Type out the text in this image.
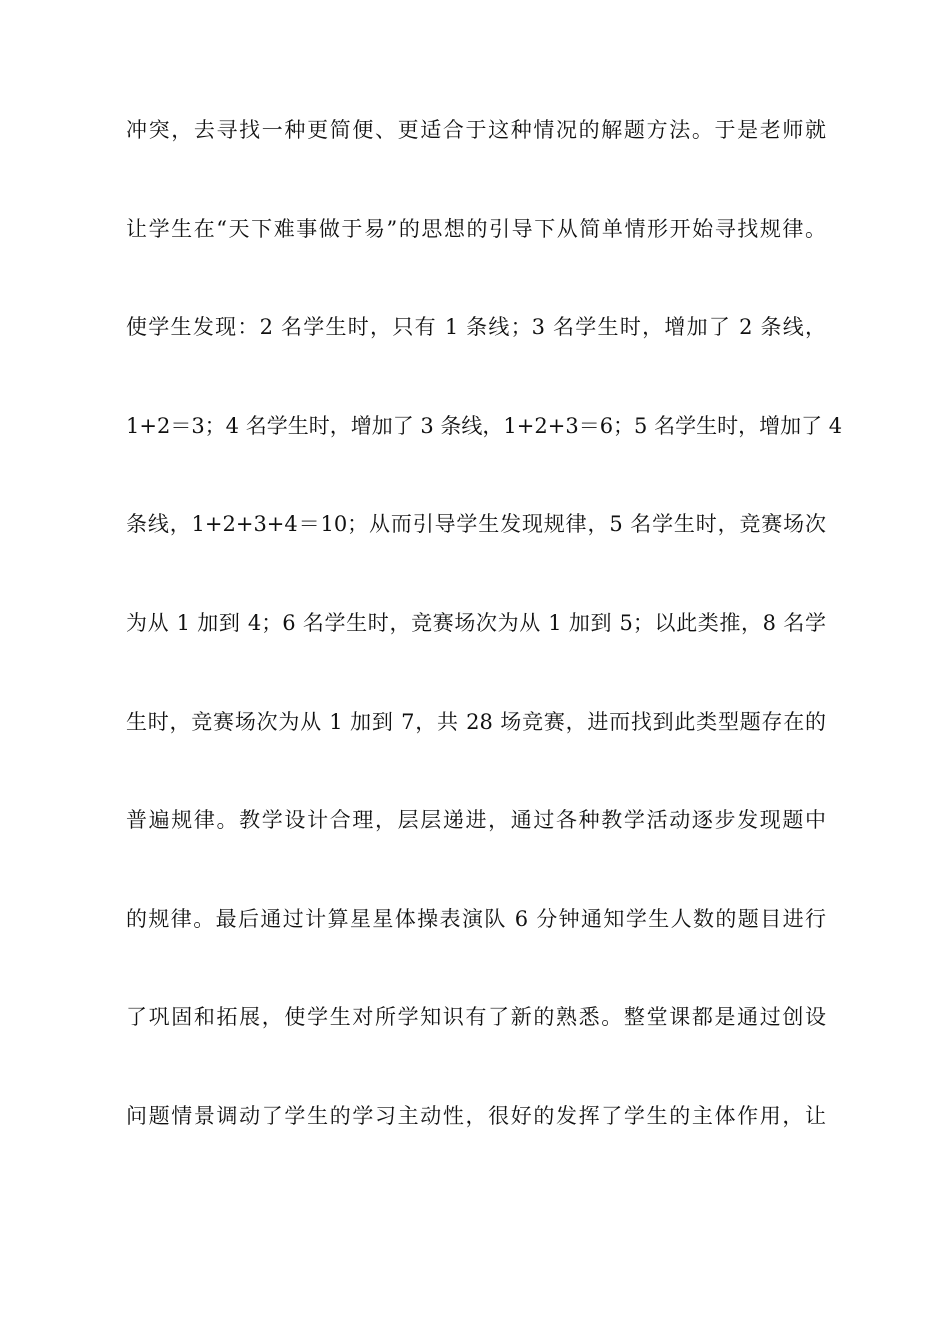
冲突，去寻找一种更简便、更适合于这种情况的解题方法。于是老师就
让学生在“天下难事做于易”的思想的引导下从简单情形开始寻找规律。
使学生发现：2 名学生时，只有 1 条线；3 名学生时，增加了 2 条线，
1+2＝3；4 名学生时，增加了 3 条线，1+2+3＝6；5 名学生时，增加了 4
条线，1+2+3+4＝10；从而引导学生发现规律，5 名学生时，竞赛场次
为从 1 加到 4；6 名学生时，竞赛场次为从 1 加到 5；以此类推，8 名学
生时，竞赛场次为从 1 加到 7，共 28 场竞赛，进而找到此类型题存在的
普遍规律。教学设计合理，层层递进，通过各种教学活动逐步发现题中
的规律。最后通过计算星星体操表演队 6 分钟通知学生人数的题目进行
了巩固和拓展，使学生对所学知识有了新的熟悉。整堂课都是通过创设
问题情景调动了学生的学习主动性，很好的发挥了学生的主体作用，让
